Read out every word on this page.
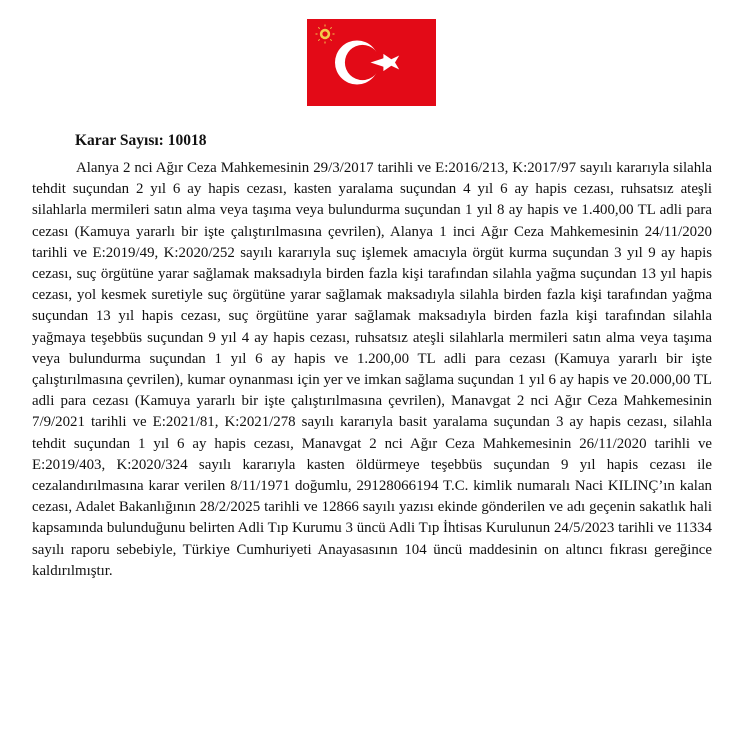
Karar Sayısı: 10018

Alanya 2 nci Ağır Ceza Mahkemesinin 29/3/2017 tarihli ve E:2016/213, K:2017/97 sayılı kararıyla silahla tehdit suçundan 2 yıl 6 ay hapis cezası, kasten yaralama suçundan 4 yıl 6 ay hapis cezası, ruhsatsız ateşli silahlarla mermileri satın alma veya taşıma veya bulundurma suçundan 1 yıl 8 ay hapis ve 1.400,00 TL adli para cezası (Kamuya yararlı bir işte çalıştırılmasına çevrilen), Alanya 1 inci Ağır Ceza Mahkemesinin 24/11/2020 tarihli ve E:2019/49, K:2020/252 sayılı kararıyla suç işlemek amacıyla örgüt kurma suçundan 3 yıl 9 ay hapis cezası, suç örgütüne yarar sağlamak maksadıyla birden fazla kişi tarafından silahla yağma suçundan 13 yıl hapis cezası, yol kesmek suretiyle suç örgütüne yarar sağlamak maksadıyla silahla birden fazla kişi tarafından yağma suçundan 13 yıl hapis cezası, suç örgütüne yarar sağlamak maksadıyla birden fazla kişi tarafından silahla yağmaya teşebbüs suçundan 9 yıl 4 ay hapis cezası, ruhsatsız ateşli silahlarla mermileri satın alma veya taşıma veya bulundurma suçundan 1 yıl 6 ay hapis ve 1.200,00 TL adli para cezası (Kamuya yararlı bir işte çalıştırılmasına çevrilen), kumar oynanması için yer ve imkan sağlama suçundan 1 yıl 6 ay hapis ve 20.000,00 TL adli para cezası (Kamuya yararlı bir işte çalıştırılmasına çevrilen), Manavgat 2 nci Ağır Ceza Mahkemesinin 7/9/2021 tarihli ve E:2021/81, K:2021/278 sayılı kararıyla basit yaralama suçundan 3 ay hapis cezası, silahla tehdit suçundan 1 yıl 6 ay hapis cezası, Manavgat 2 nci Ağır Ceza Mahkemesinin 26/11/2020 tarihli ve E:2019/403, K:2020/324 sayılı kararıyla kasten öldürmeye teşebbüs suçundan 9 yıl hapis cezası ile cezalandırılmasına karar verilen 8/11/1971 doğumlu, 29128066194 T.C. kimlik numaralı Naci KILINÇ’ın kalan cezası, Adalet Bakanlığının 28/2/2025 tarihli ve 12866 sayılı yazısı ekinde gönderilen ve adı geçenin sakatlık hali kapsamında bulunduğunu belirten Adli Tıp Kurumu 3 üncü Adli Tıp İhtisas Kurulunun 24/5/2023 tarihli ve 11334 sayılı raporu sebebiyle, Türkiye Cumhuriyeti Anayasasının 104 üncü maddesinin on altıncı fıkrası gereğince kaldırılmıştır.
